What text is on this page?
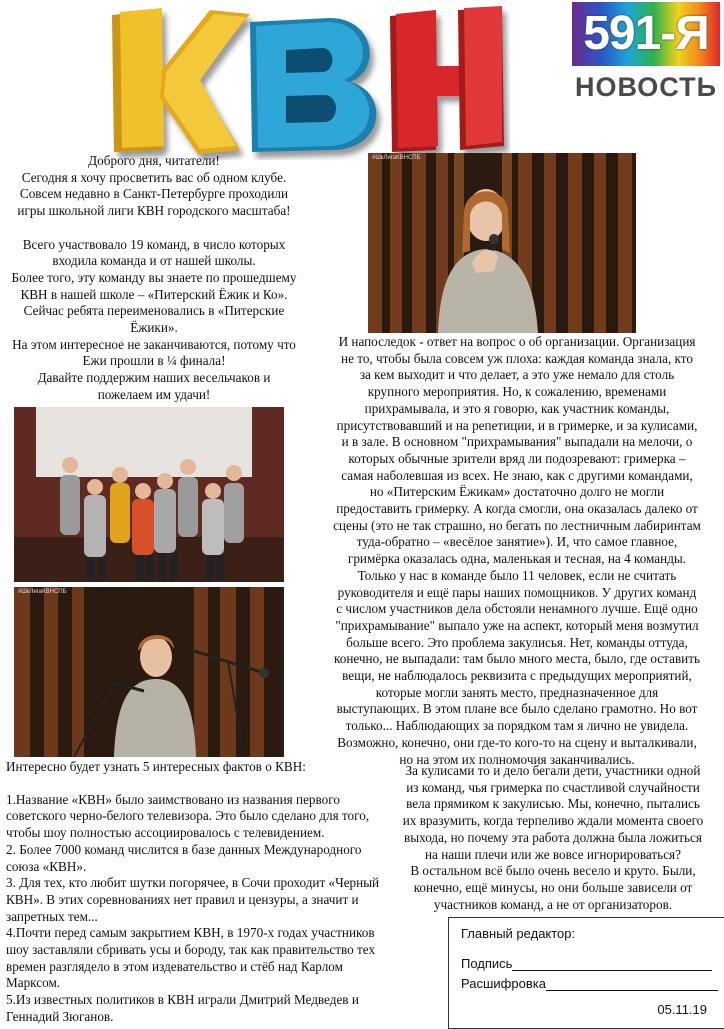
591-Я
НОВОСТЬ
Доброго дня, читатели!
Сегодня я хочу просветить вас об одном клубе.
Совсем недавно в Санкт-Петербурге проходили
игры школьной лиги КВН городского масштаба!

Всего участвовало 19 команд, в число которых
входила команда и от нашей школы.
Более того, эту команду вы знаете по прошедшему
КВН в нашей школе – «Питерский Ёжик и Ко».
Сейчас ребята переименовались в «Питерские
Ёжики».
На этом интересное не заканчиваются, потому что
Ежи прошли в ¼ финала!
Давайте поддержим наших весельчаков и
пожелаем им удачи!
#ШкЛигаКВНСПБ
И напоследок - ответ на вопрос о об организации. Организация
не то, чтобы была совсем уж плоха: каждая команда знала, кто
за кем выходит и что делает, а это уже немало для столь
крупного мероприятия. Но, к сожалению, временами
прихрамывала, и это я говорю, как участник команды,
присутствовавший и на репетиции, и в гримерке, и за кулисами,
и в зале. В основном "прихрамывания" выпадали на мелочи, о
которых обычные зрители вряд ли подозревают: гримерка –
самая наболевшая из всех. Не знаю, как с другими командами,
но «Питерским Ёжикам» достаточно долго не могли
предоставить гримерку. А когда смогли, она оказалась далеко от
сцены (это не так страшно, но бегать по лестничным лабиринтам
туда-обратно – «весёлое занятие»). И, что самое главное,
гримёрка оказалась одна, маленькая и тесная, на 4 команды.
Только у нас в команде было 11 человек, если не считать
руководителя и ещё пары наших помощников. У других команд
с числом участников дела обстояли ненамного лучше. Ещё одно
"прихрамывание" выпало уже на аспект, который меня возмутил
больше всего. Это проблема закулисья. Нет, команды оттуда,
конечно, не выпадали: там было много места, было, где оставить
вещи, не наблюдалось реквизита с предыдущих мероприятий,
которые могли занять место, предназначенное для
выступающих. В этом плане все было сделано грамотно. Но вот
только... Наблюдающих за порядком там я лично не увидела.
Возможно, конечно, они где-то кого-то на сцену и выталкивали,
но на этом их полномочия заканчивались.
За кулисами то и дело бегали дети, участники одной
из команд, чья гримерка по счастливой случайности
вела прямиком к закулисью. Мы, конечно, пытались
их вразумить, когда терпеливо ждали момента своего
выхода, но почему эта работа должна была ложиться
на наши плечи или же вовсе игнорироваться?
В остальном всё было очень весело и круто. Были,
конечно, ещё минусы, но они больше зависели от
участников команд, а не от организаторов.
#ШкЛигаКВНСПБ

Интересно будет узнать 5 интересных фактов о КВН:

1.Название «КВН» было заимствовано из названия первого советского черно-белого телевизора. Это было сделано для того, чтобы шоу полностью ассоциировалось с телевидением.

2. Более 7000 команд числится в базе данных Международного союза «КВН».

3. Для тех, кто любит шутки погорячее, в Сочи проходит «Черный КВН». В этих соревнованиях нет правил и цензуры, а значит и запретных тем...

4.Почти перед самым закрытием КВН, в 1970-х годах участников шоу заставляли сбривать усы и бороду, так как правительство тех времен разглядело в этом издевательство и стёб над Карлом Марксом.

5.Из известных политиков в КВН играли Дмитрий Медведев и Геннадий Зюганов.

Главный редактор:
Подпись
Расшифровка
05.11.19
